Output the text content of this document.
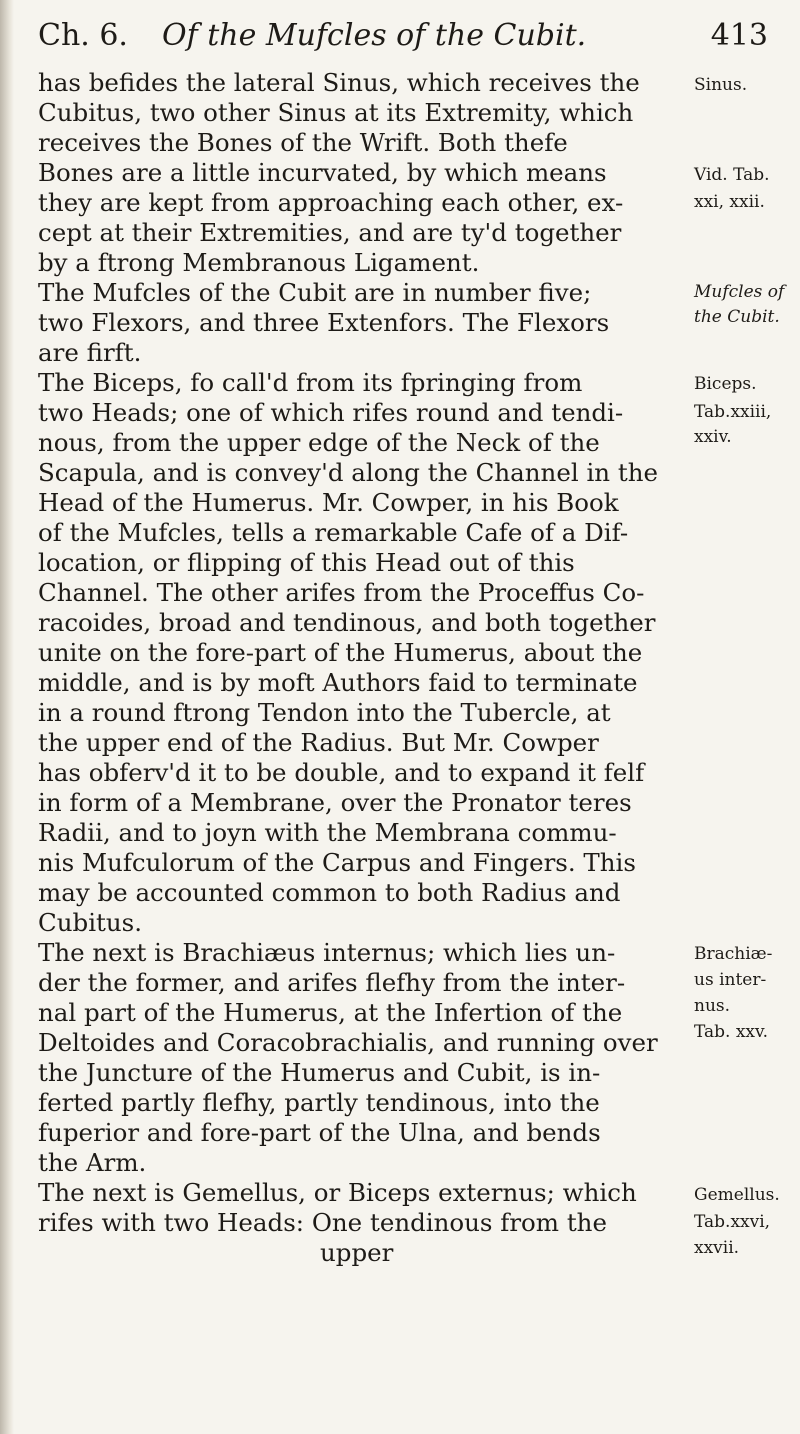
Ch. 6. Of the Mufcles of the Cubit.	413
has befides the lateral Sinus, which receives the
Cubitus, two other Sinus at its Extremity, which
receives the Bones of the Wrift. Both thefe
Bones are a little incurvated, by which means
they are kept from approaching each other, ex-
cept at their Extremities, and are ty'd together
by a ftrong Membranous Ligament.
The Mufcles of the Cubit are in number five;
two Flexors, and three Extenfors. The Flexors
are firft.
The Biceps, fo call'd from its fpringing from
two Heads; one of which rifes round and tendi-
nous, from the upper edge of the Neck of the
Scapula, and is convey'd along the Channel in the
Head of the Humerus. Mr. Cowper, in his Book
of the Mufcles, tells a remarkable Cafe of a Dif-
location, or flipping of this Head out of this
Channel. The other arifes from the Proceffus Co-
racoides, broad and tendinous, and both together
unite on the fore-part of the Humerus, about the
middle, and is by moft Authors faid to terminate
in a round ftrong Tendon into the Tubercle, at
the upper end of the Radius. But Mr. Cowper
has obferv'd it to be double, and to expand it felf
in form of a Membrane, over the Pronator teres
Radii, and to joyn with the Membrana commu-
nis Mufculorum of the Carpus and Fingers. This
may be accounted common to both Radius and
Cubitus.
The next is Brachiæus internus; which lies un-
der the former, and arifes flefhy from the inter-
nal part of the Humerus, at the Infertion of the
Deltoides and Coracobrachialis, and running over
the Juncture of the Humerus and Cubit, is in-
ferted partly flefhy, partly tendinous, into the
fuperior and fore-part of the Ulna, and bends
the Arm.
The next is Gemellus, or Biceps externus; which
rifes with two Heads: One tendinous from the
upper
Sinus.
Vid. Tab.
xxi, xxii.
Mufcles of
the Cubit.
Biceps.
Tab.xxiii,
xxiv.
Brachiæ-
us inter-
nus.
Tab. xxv.
Gemellus.
Tab.xxvi,
xxvii.
